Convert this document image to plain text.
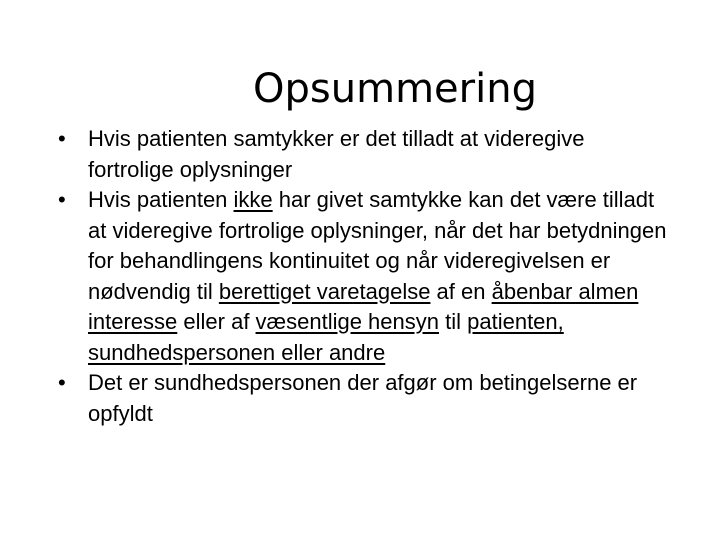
Opsummering
• Hvis patienten samtykker er det tilladt at videregive fortrolige oplysninger
• Hvis patienten ikke har givet samtykke kan det være tilladt at videregive fortrolige oplysninger, når det har betydningen for behandlingens kontinuitet og når videregivelsen er nødvendig til berettiget varetagelse af en åbenbar almen interesse eller af væsentlige hensyn til patienten, sundhedspersonen eller andre
• Det er sundhedspersonen der afgør om betingelserne er opfyldt
